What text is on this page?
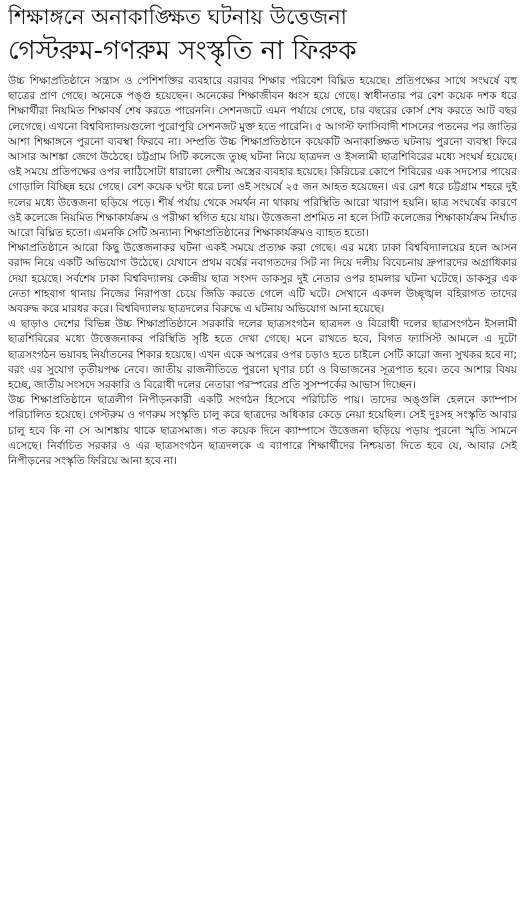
শিক্ষাঙ্গনে অনাকাঙ্ক্ষিত ঘটনায় উত্তেজনা
গেস্টরুম-গণরুম সংস্কৃতি না ফিরুক

উচ্চ শিক্ষাপ্রতিষ্ঠানে সন্ত্রাস ও পেশিশক্তির ব্যবহারে বরাবর শিক্ষার পরিবেশ বিঘ্নিত হয়েছে। প্রতিপক্ষের সাথে সংঘর্ষে বহু ছাত্রের প্রাণ গেছে। অনেকে পঙ্গু হয়েছেন। অনেকের শিক্ষাজীবন ধ্বংস হয়ে গেছে। স্বাধীনতার পর বেশ কয়েক দশক ধরে শিক্ষার্থীরা নিয়মিত শিক্ষাবর্ষ শেষ করতে পারেননি। সেশনজটে এমন পর্যায়ে গেছে, চার বছরের কোর্স শেষ করতে আট বছর লেগেছে। এখনো বিশ্ববিদ্যালয়গুলো পুরোপুরি সেশনজট মুক্ত হতে পারেনি। ৫ আগস্ট ফ্যাসিবাদী শাসনের পতনের পর জাতির আশা শিক্ষাঙ্গনে পুরনো ব্যবস্থা ফিরবে না। সম্প্রতি উচ্চ শিক্ষাপ্রতিষ্ঠানে কয়েকটি অনাকাঙ্ক্ষিত ঘটনায় পুরনো ব্যবস্থা ফিরে আসার আশঙ্কা জেগে উঠেছে। চট্টগ্রাম সিটি কলেজে তুচ্ছ ঘটনা নিয়ে ছাত্রদল ও ইসলামী ছাত্রশিবিরের মধ্যে সংঘর্ষ হয়েছে। ওই সময়ে প্রতিপক্ষের ওপর লাঠিসোটা ধারালো দেশীয় অস্ত্রের ব্যবহার হয়েছে। কিরিচের কোপে শিবিরের এক সদস্যের পায়ের গোড়ালি বিচ্ছিন্ন হয়ে গেছে। বেশ কয়েক ঘণ্টা ধরে চলা ওই সংঘর্ষে ২৫ জন আহত হয়েছেন। এর রেশ ধরে চট্টগ্রাম শহরে দুই দলের মধ্যে উত্তেজনা ছড়িয়ে পড়ে। শীর্ষ পর্যায় থেকে সমর্থন না থাকায় পরিস্থিতি আরো খারাপ হয়নি। ছাত্র সংঘর্ষের কারণে ওই কলেজে নিয়মিত শিক্ষাকার্যক্রম ও পরীক্ষা স্থগিত হয়ে যায়। উত্তেজনা প্রশমিত না হলে সিটি কলেজের শিক্ষাকার্যক্রম নির্ঘাত আরো বিঘ্নিত হতো। এমনকি সেটি অন্যান্য শিক্ষাপ্রতিষ্ঠানের শিক্ষাকার্যক্রমও ব্যাহত হতো।

শিক্ষাপ্রতিষ্ঠানে আরো কিছু উত্তেজনাকর ঘটনা একই সময়ে প্রত্যক্ষ করা গেছে। এর মধ্যে ঢাকা বিশ্ববিদ্যালয়ের হলে আসন বরাদ্দ নিয়ে একটি অভিযোগ উঠেছে। যেখানে প্রথম বর্ষের নবাগতদের সিট না দিয়ে দলীয় বিবেচনায় দ্রুপারদের অগ্রাধিকার দেয়া হয়েছে। সর্বশেষ ঢাকা বিশ্ববিদ্যালয় কেন্দ্রীয় ছাত্র সংসদ ডাকসুর দুই নেতার ওপর হামলার ঘটনা ঘটেছে। ডাকসুর এক নেতা শাহবাগ থানায় নিজের নিরাপত্তা চেয়ে জিডি করতে গেলে এটি ঘটে। সেখানে একদল উচ্ছৃঙ্খল বহিরাগত তাদের অবরুদ্ধ করে মারধর করে। বিশ্ববিদ্যালয় ছাত্রদলের বিরুদ্ধে এ ঘটনায় অভিযোগ আনা হয়েছে।

এ ছাড়াও দেশের বিভিন্ন উচ্চ শিক্ষাপ্রতিষ্ঠানে সরকারি দলের ছাত্রসংগঠন ছাত্রদল ও বিরোধী দলের ছাত্রসংগঠন ইসলামী ছাত্রশিবিরের মধ্যে উত্তেজনাকর পরিস্থিতি সৃষ্টি হতে দেখা গেছে। মনে রাখতে হবে, বিগত ফ্যাসিস্ট আমলে এ দুটো ছাত্রসংগঠন ভয়াবহ নির্যাতনের শিকার হয়েছে। এখন একে অপরের ওপর চড়াও হতে চাইলে সেটি কারো জন্য সুখকর হবে না; বরং এর সুযোগ তৃতীয়পক্ষ নেবে। জাতীয় রাজনীতিতে পুরনো ঘৃণার চর্চা ও বিভাজনের সূত্রপাত হবে। তবে আশার বিষয় হচ্ছে, জাতীয় সংসদে সরকারি ও বিরোধী দলের নেতারা পরস্পরের প্রতি সুসম্পর্কের আভাস দিচ্ছেন।

উচ্চ শিক্ষাপ্রতিষ্ঠানে ছাত্রলীগ নিপীড়নকারী একটি সংগঠন হিসেবে পরিচিতি পায়। তাদের অঙ্গুলি হেলনে ক্যাম্পাস পরিচালিত হয়েছে। গেস্টরুম ও গণরুম সংস্কৃতি চালু করে ছাত্রদের অধিকার কেড়ে নেয়া হয়েছিল। সেই দুঃসহ সংস্কৃতি আবার চালু হবে কি না সে আশঙ্কায় থাকে ছাত্রসমাজ। গত কয়েক দিনে ক্যাম্পাসে উত্তেজনা ছড়িয়ে পড়ায় পুরনো স্মৃতি সামনে এসেছে। নির্বাচিত সরকার ও এর ছাত্রসংগঠন ছাত্রদলকে এ ব্যাপারে শিক্ষার্থীদের নিশ্চয়তা দিতে হবে যে, আবার সেই নিপীড়নের সংস্কৃতি ফিরিয়ে আনা হবে না।
